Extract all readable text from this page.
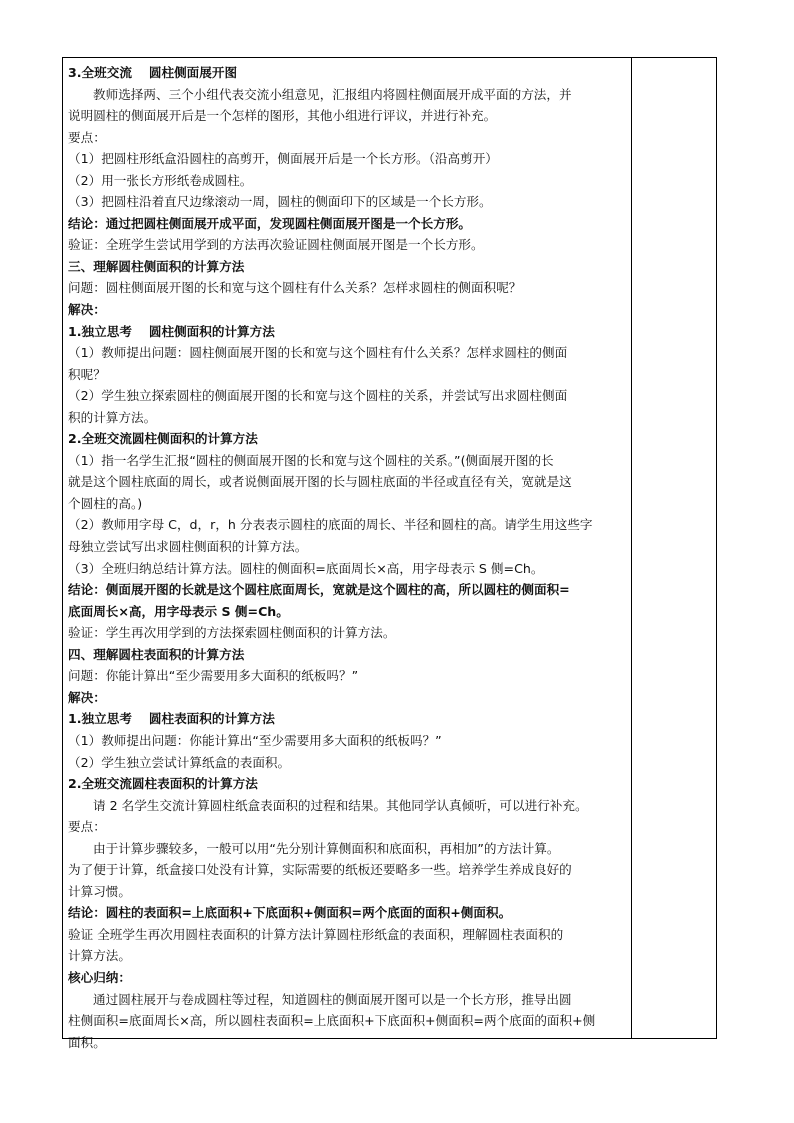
3.全班交流　 圆柱侧面展开图
教师选择两、三个小组代表交流小组意见，汇报组内将圆柱侧面展开成平面的方法，并
说明圆柱的侧面展开后是一个怎样的图形，其他小组进行评议，并进行补充。
要点：
（1）把圆柱形纸盒沿圆柱的高剪开，侧面展开后是一个长方形。（沿高剪开）
（2）用一张长方形纸卷成圆柱。
（3）把圆柱沿着直尺边缘滚动一周，圆柱的侧面印下的区域是一个长方形。
结论：通过把圆柱侧面展开成平面，发现圆柱侧面展开图是一个长方形。
验证：全班学生尝试用学到的方法再次验证圆柱侧面展开图是一个长方形。
三、理解圆柱侧面积的计算方法
问题：圆柱侧面展开图的长和宽与这个圆柱有什么关系？怎样求圆柱的侧面积呢？
解决：
1.独立思考　 圆柱侧面积的计算方法
（1）教师提出问题：圆柱侧面展开图的长和宽与这个圆柱有什么关系？怎样求圆柱的侧面
积呢？
（2）学生独立探索圆柱的侧面展开图的长和宽与这个圆柱的关系，并尝试写出求圆柱侧面
积的计算方法。
2.全班交流圆柱侧面积的计算方法
（1）指一名学生汇报“圆柱的侧面展开图的长和宽与这个圆柱的关系。”(侧面展开图的长
就是这个圆柱底面的周长，或者说侧面展开图的长与圆柱底面的半径或直径有关，宽就是这
个圆柱的高。)
（2）教师用字母 C，d，r，h 分表表示圆柱的底面的周长、半径和圆柱的高。请学生用这些字
母独立尝试写出求圆柱侧面积的计算方法。
（3）全班归纳总结计算方法。圆柱的侧面积=底面周长×高，用字母表示 S 侧=Ch。
结论：侧面展开图的长就是这个圆柱底面周长，宽就是这个圆柱的高，所以圆柱的侧面积=
底面周长×高，用字母表示 S 侧=Ch。
验证：学生再次用学到的方法探索圆柱侧面积的计算方法。
四、理解圆柱表面积的计算方法
问题：你能计算出“至少需要用多大面积的纸板吗？”
解决：
1.独立思考　 圆柱表面积的计算方法
（1）教师提出问题：你能计算出“至少需要用多大面积的纸板吗？”
（2）学生独立尝试计算纸盒的表面积。
2.全班交流圆柱表面积的计算方法
请 2 名学生交流计算圆柱纸盒表面积的过程和结果。其他同学认真倾听，可以进行补充。
要点：
由于计算步骤较多，一般可以用“先分别计算侧面积和底面积，再相加”的方法计算。
为了便于计算，纸盒接口处没有计算，实际需要的纸板还要略多一些。培养学生养成良好的
计算习惯。
结论：圆柱的表面积=上底面积+下底面积+侧面积=两个底面的面积+侧面积。
验证 全班学生再次用圆柱表面积的计算方法计算圆柱形纸盒的表面积，理解圆柱表面积的
计算方法。
核心归纳：
通过圆柱展开与卷成圆柱等过程，知道圆柱的侧面展开图可以是一个长方形，推导出圆
柱侧面积=底面周长×高，所以圆柱表面积=上底面积+下底面积+侧面积=两个底面的面积+侧
面积。
